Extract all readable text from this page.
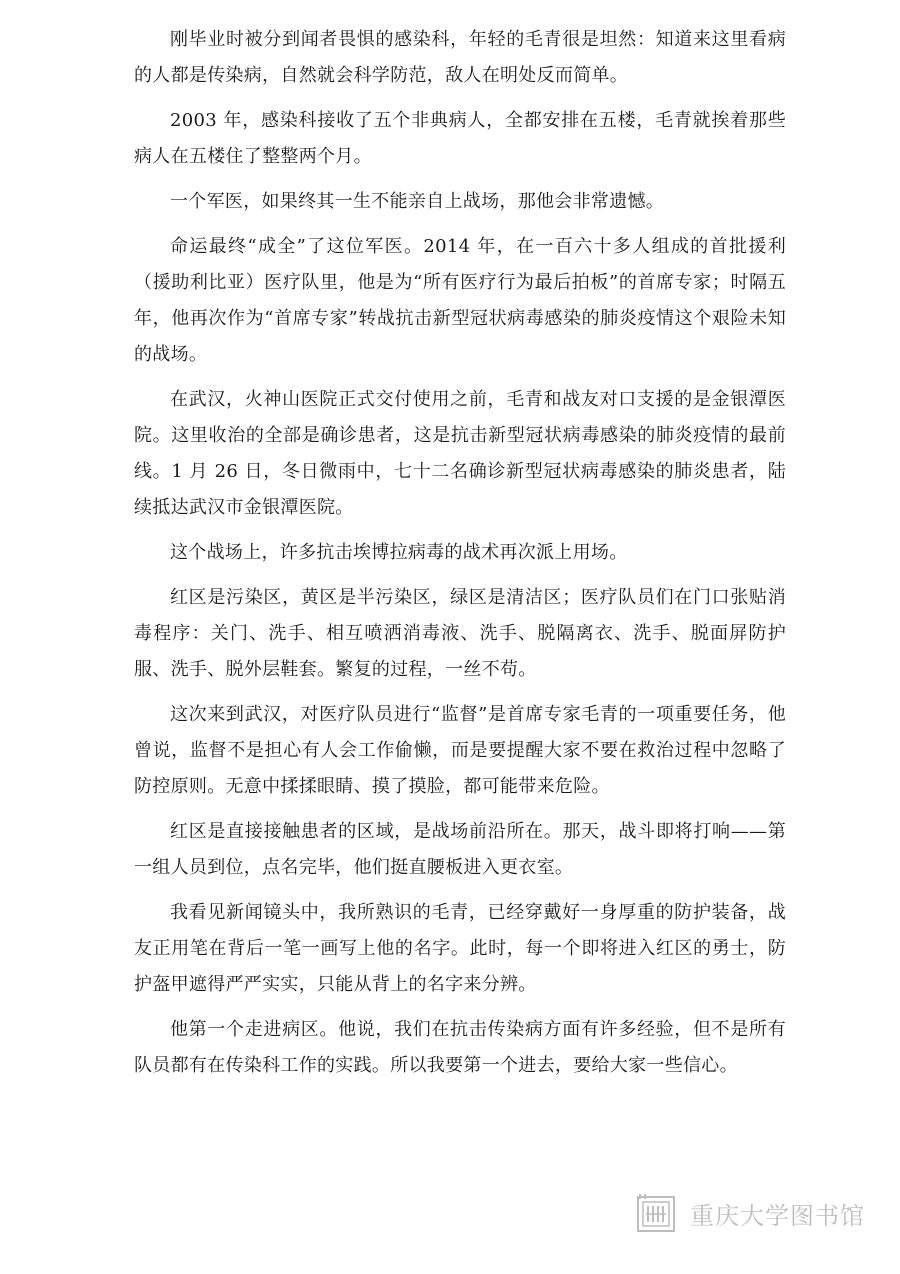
刚毕业时被分到闻者畏惧的感染科，年轻的毛青很是坦然：知道来这里看病的人都是传染病，自然就会科学防范，敌人在明处反而简单。

2003 年，感染科接收了五个非典病人，全都安排在五楼，毛青就挨着那些病人在五楼住了整整两个月。

一个军医，如果终其一生不能亲自上战场，那他会非常遗憾。

命运最终“成全”了这位军医。2014 年，在一百六十多人组成的首批援利（援助利比亚）医疗队里，他是为“所有医疗行为最后拍板”的首席专家；时隔五年，他再次作为“首席专家”转战抗击新型冠状病毒感染的肺炎疫情这个艰险未知的战场。

在武汉，火神山医院正式交付使用之前，毛青和战友对口支援的是金银潭医院。这里收治的全部是确诊患者，这是抗击新型冠状病毒感染的肺炎疫情的最前线。1 月 26 日，冬日微雨中，七十二名确诊新型冠状病毒感染的肺炎患者，陆续抵达武汉市金银潭医院。

这个战场上，许多抗击埃博拉病毒的战术再次派上用场。

红区是污染区，黄区是半污染区，绿区是清洁区；医疗队员们在门口张贴消毒程序：关门、洗手、相互喷洒消毒液、洗手、脱隔离衣、洗手、脱面屏防护服、洗手、脱外层鞋套。繁复的过程，一丝不苟。

这次来到武汉，对医疗队员进行“监督”是首席专家毛青的一项重要任务，他曾说，监督不是担心有人会工作偷懒，而是要提醒大家不要在救治过程中忽略了防控原则。无意中揉揉眼睛、摸了摸脸，都可能带来危险。

红区是直接接触患者的区域，是战场前沿所在。那天，战斗即将打响——第一组人员到位，点名完毕，他们挺直腰板进入更衣室。

我看见新闻镜头中，我所熟识的毛青，已经穿戴好一身厚重的防护装备，战友正用笔在背后一笔一画写上他的名字。此时，每一个即将进入红区的勇士，防护盔甲遮得严严实实，只能从背上的名字来分辨。

他第一个走进病区。他说，我们在抗击传染病方面有许多经验，但不是所有队员都有在传染科工作的实践。所以我要第一个进去，要给大家一些信心。

重庆大学图书馆
